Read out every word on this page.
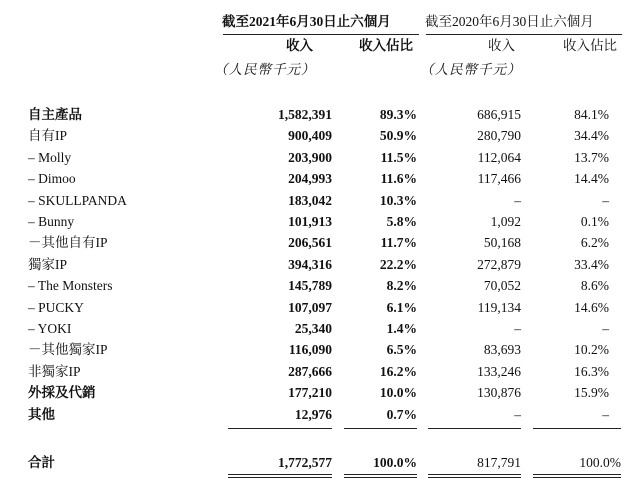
截至2021年6月30日止六個月	截至2020年6月30日止六個月
收入	收入佔比	收入	收入佔比
（人民幣千元）	（人民幣千元）
自主產品	1,582,391	89.3%	686,915	84.1%
自有IP	900,409	50.9%	280,790	34.4%
– Molly	203,900	11.5%	112,064	13.7%
– Dimoo	204,993	11.6%	117,466	14.4%
– SKULLPANDA	183,042	10.3%	–	–
– Bunny	101,913	5.8%	1,092	0.1%
－其他自有IP	206,561	11.7%	50,168	6.2%
獨家IP	394,316	22.2%	272,879	33.4%
– The Monsters	145,789	8.2%	70,052	8.6%
– PUCKY	107,097	6.1%	119,134	14.6%
– YOKI	25,340	1.4%	–	–
－其他獨家IP	116,090	6.5%	83,693	10.2%
非獨家IP	287,666	16.2%	133,246	16.3%
外採及代銷	177,210	10.0%	130,876	15.9%
其他	12,976	0.7%	–	–
合計	1,772,577	100.0%	817,791	100.0%
